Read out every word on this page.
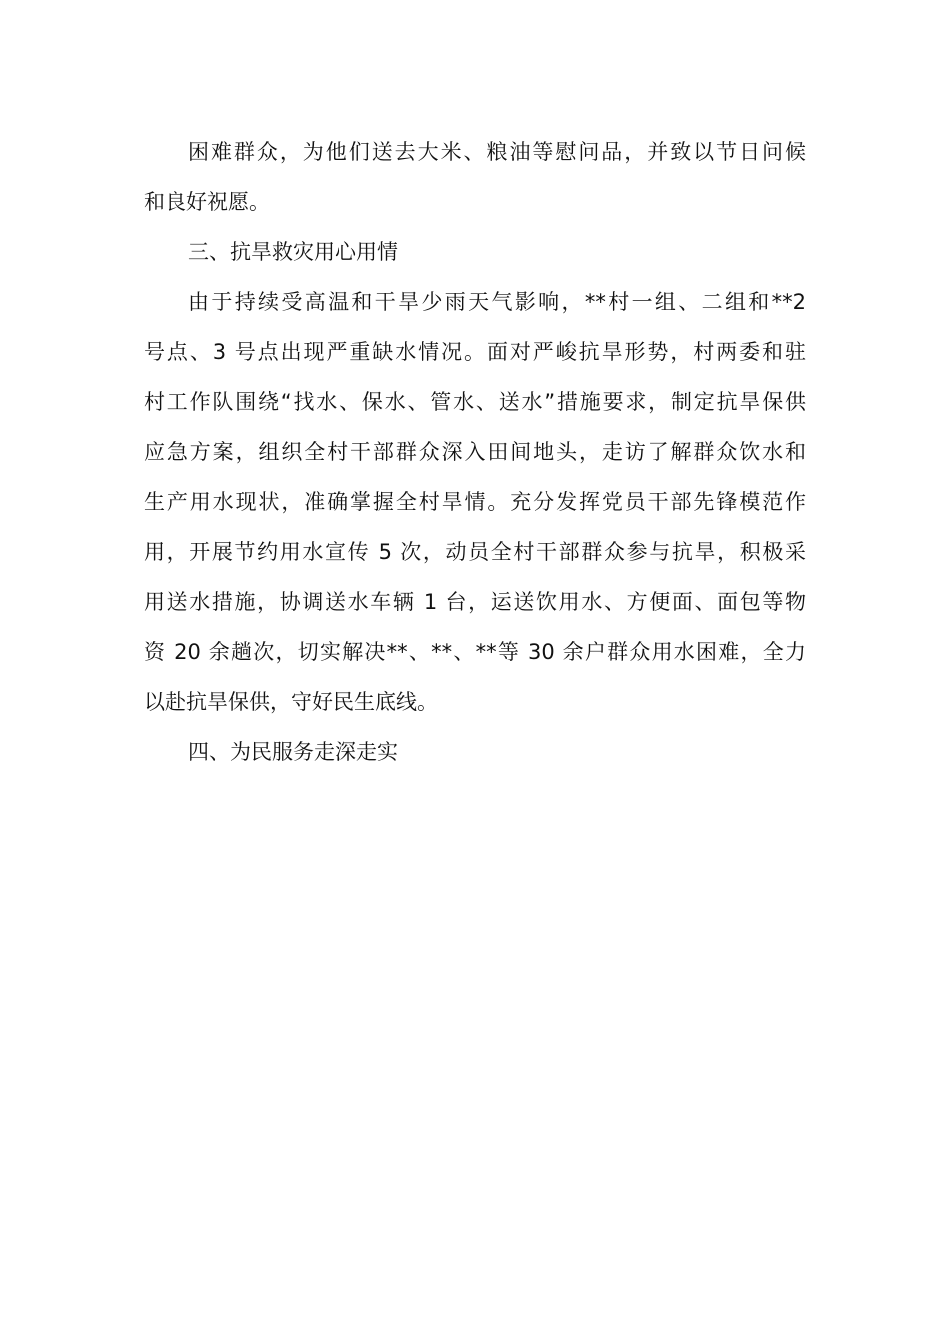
困难群众，为他们送去大米、粮油等慰问品，并致以节日问候
和良好祝愿。
三、抗旱救灾用心用情
由于持续受高温和干旱少雨天气影响，**村一组、二组和**2
号点、3 号点出现严重缺水情况。面对严峻抗旱形势，村两委和驻
村工作队围绕“找水、保水、管水、送水”措施要求，制定抗旱保供
应急方案，组织全村干部群众深入田间地头，走访了解群众饮水和
生产用水现状，准确掌握全村旱情。充分发挥党员干部先锋模范作
用，开展节约用水宣传 5 次，动员全村干部群众参与抗旱，积极采
用送水措施，协调送水车辆 1 台，运送饮用水、方便面、面包等物
资 20 余趟次，切实解决**、**、**等 30 余户群众用水困难，全力
以赴抗旱保供，守好民生底线。
四、为民服务走深走实
